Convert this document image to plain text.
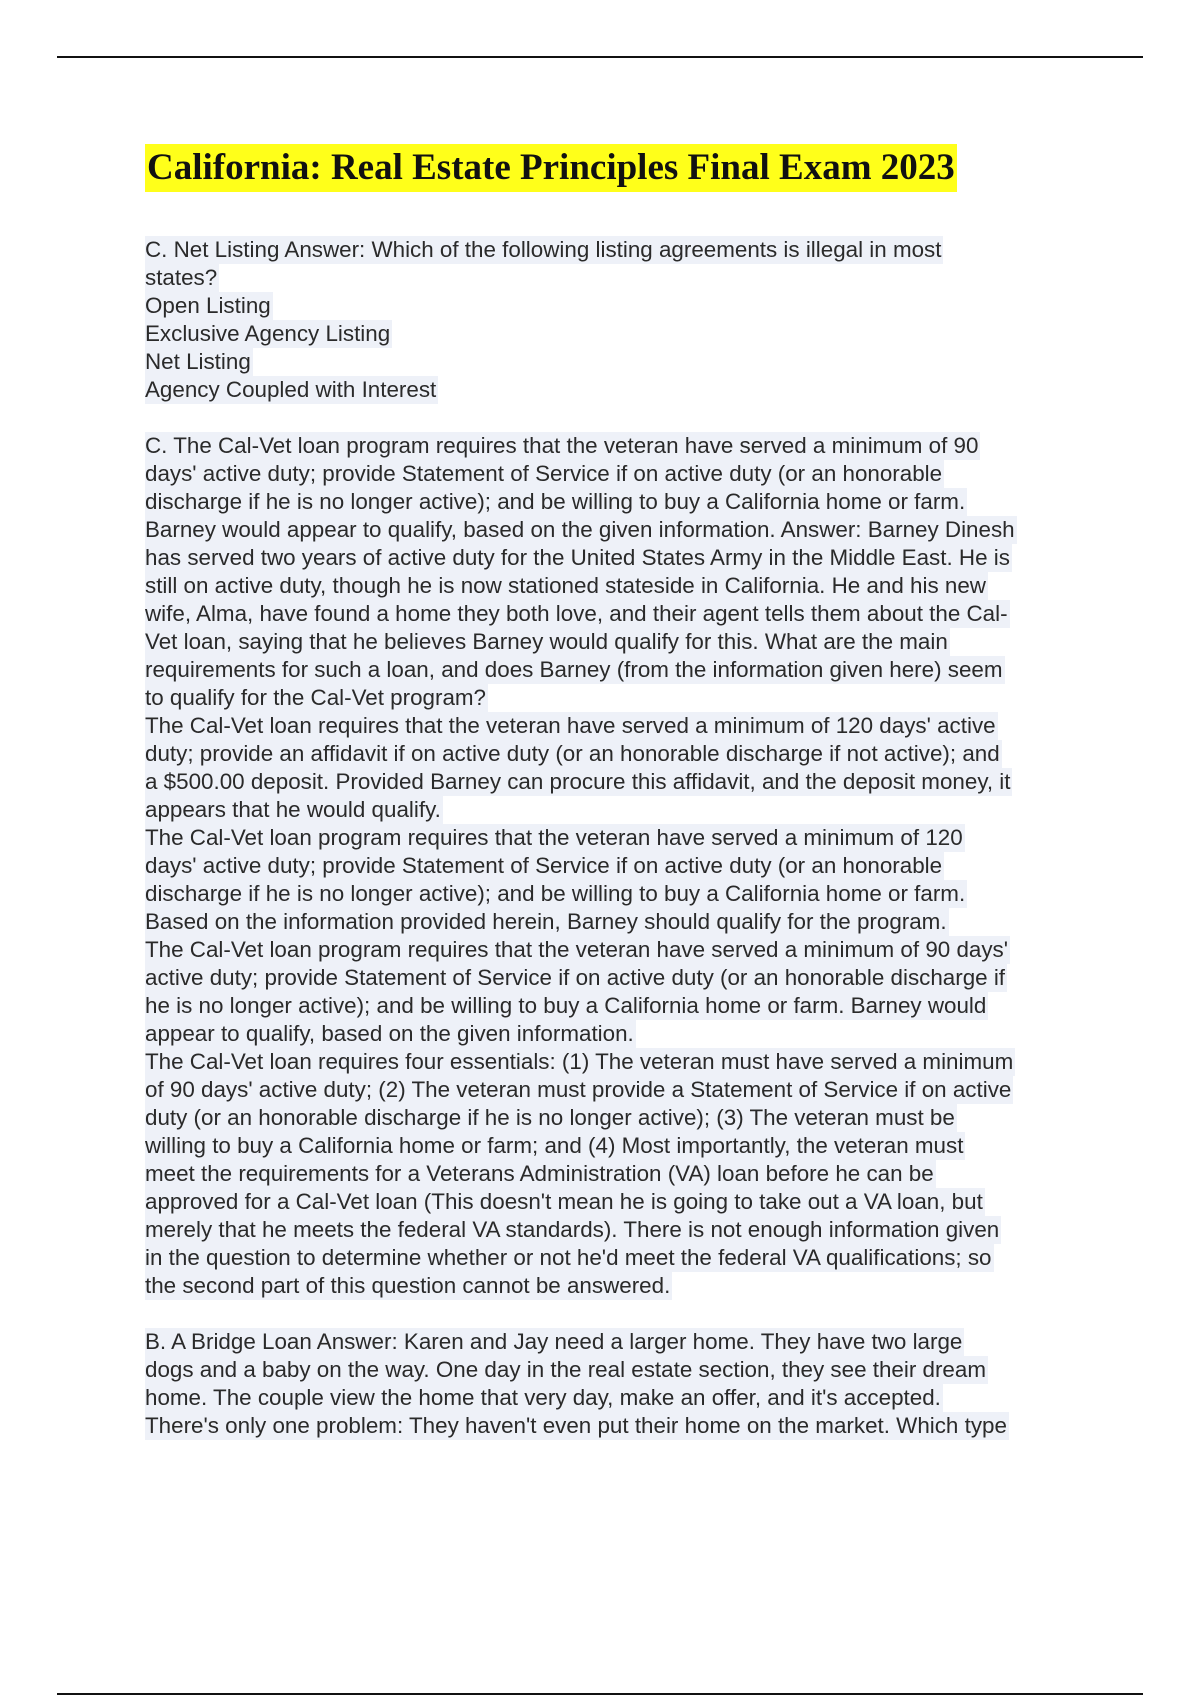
California: Real Estate Principles Final Exam 2023
C. Net Listing Answer: Which of the following listing agreements is illegal in most
states?
Open Listing
Exclusive Agency Listing
Net Listing
Agency Coupled with Interest
C. The Cal-Vet loan program requires that the veteran have served a minimum of 90
days' active duty; provide Statement of Service if on active duty (or an honorable
discharge if he is no longer active); and be willing to buy a California home or farm.
Barney would appear to qualify, based on the given information. Answer: Barney Dinesh
has served two years of active duty for the United States Army in the Middle East. He is
still on active duty, though he is now stationed stateside in California. He and his new
wife, Alma, have found a home they both love, and their agent tells them about the Cal-
Vet loan, saying that he believes Barney would qualify for this. What are the main
requirements for such a loan, and does Barney (from the information given here) seem
to qualify for the Cal-Vet program?
The Cal-Vet loan requires that the veteran have served a minimum of 120 days' active
duty; provide an affidavit if on active duty (or an honorable discharge if not active); and
a $500.00 deposit. Provided Barney can procure this affidavit, and the deposit money, it
appears that he would qualify.
The Cal-Vet loan program requires that the veteran have served a minimum of 120
days' active duty; provide Statement of Service if on active duty (or an honorable
discharge if he is no longer active); and be willing to buy a California home or farm.
Based on the information provided herein, Barney should qualify for the program.
The Cal-Vet loan program requires that the veteran have served a minimum of 90 days'
active duty; provide Statement of Service if on active duty (or an honorable discharge if
he is no longer active); and be willing to buy a California home or farm. Barney would
appear to qualify, based on the given information.
The Cal-Vet loan requires four essentials: (1) The veteran must have served a minimum
of 90 days' active duty; (2) The veteran must provide a Statement of Service if on active
duty (or an honorable discharge if he is no longer active); (3) The veteran must be
willing to buy a California home or farm; and (4) Most importantly, the veteran must
meet the requirements for a Veterans Administration (VA) loan before he can be
approved for a Cal-Vet loan (This doesn't mean he is going to take out a VA loan, but
merely that he meets the federal VA standards). There is not enough information given
in the question to determine whether or not he'd meet the federal VA qualifications; so
the second part of this question cannot be answered.
B. A Bridge Loan Answer: Karen and Jay need a larger home. They have two large
dogs and a baby on the way. One day in the real estate section, they see their dream
home. The couple view the home that very day, make an offer, and it's accepted.
There's only one problem: They haven't even put their home on the market. Which type
